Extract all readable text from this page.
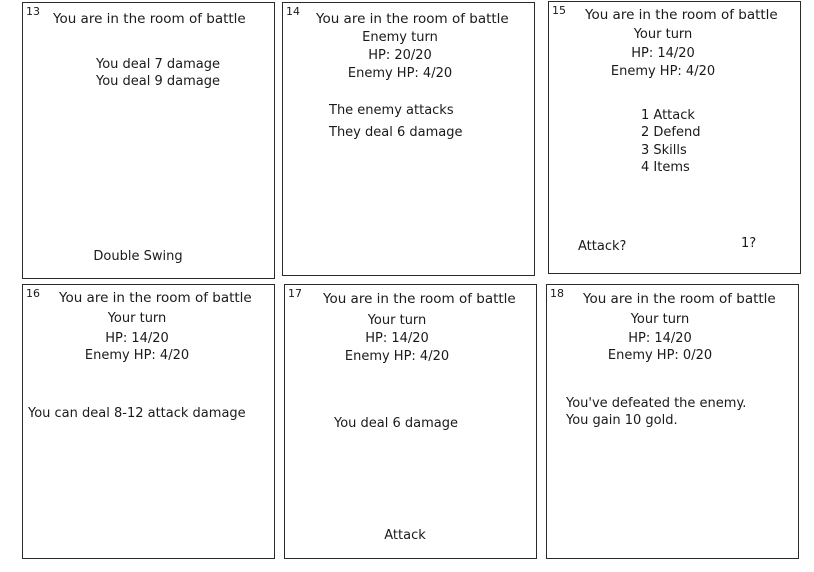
13 You are in the room of battle
You deal 7 damage
You deal 9 damage
Double Swing
14 You are in the room of battle
Enemy turn
HP: 20/20
Enemy HP: 4/20
The enemy attacks
They deal 6 damage
15 You are in the room of battle
Your turn
HP: 14/20
Enemy HP: 4/20
1 Attack
2 Defend
3 Skills
4 Items
Attack?	1?
16 You are in the room of battle
Your turn
HP: 14/20
Enemy HP: 4/20
You can deal 8-12 attack damage
17 You are in the room of battle
Your turn
HP: 14/20
Enemy HP: 4/20
You deal 6 damage
Attack
18 You are in the room of battle
Your turn
HP: 14/20
Enemy HP: 0/20
You've defeated the enemy.
You gain 10 gold.
